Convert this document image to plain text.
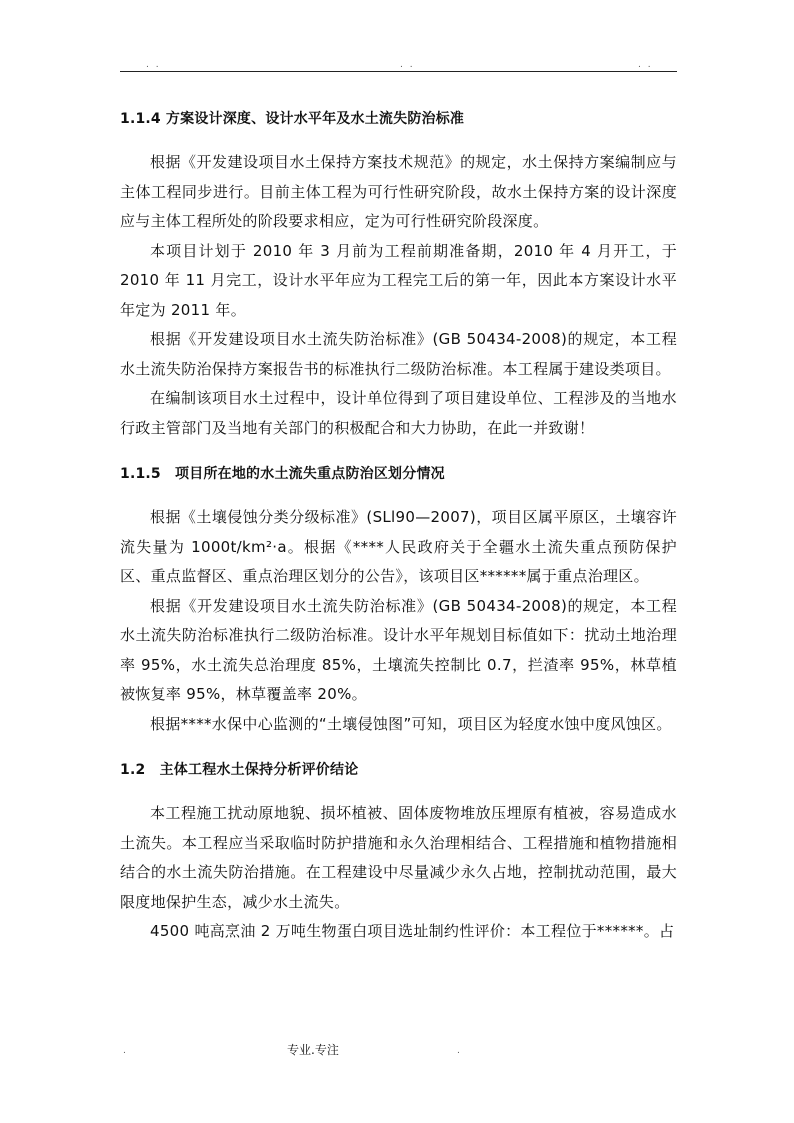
. .	. .	. .
1.1.4 方案设计深度、设计水平年及水土流失防治标准

根据《开发建设项目水土保持方案技术规范》的规定，水土保持方案编制应与主体工程同步进行。目前主体工程为可行性研究阶段，故水土保持方案的设计深度应与主体工程所处的阶段要求相应，定为可行性研究阶段深度。

本项目计划于 2010 年 3 月前为工程前期准备期，2010 年 4 月开工，于 2010 年 11 月完工，设计水平年应为工程完工后的第一年，因此本方案设计水平年定为 2011 年。

根据《开发建设项目水土流失防治标准》(GB 50434-2008)的规定，本工程水土流失防治保持方案报告书的标准执行二级防治标准。本工程属于建设类项目。

在编制该项目水土过程中，设计单位得到了项目建设单位、工程涉及的当地水行政主管部门及当地有关部门的积极配合和大力协助，在此一并致谢！

1.1.5　项目所在地的水土流失重点防治区划分情况

根据《土壤侵蚀分类分级标准》(SLl90—2007)，项目区属平原区，土壤容许流失量为 1000t/km²·a。根据《****人民政府关于全疆水土流失重点预防保护区、重点监督区、重点治理区划分的公告》，该项目区******属于重点治理区。

根据《开发建设项目水土流失防治标准》(GB 50434-2008)的规定，本工程水土流失防治标准执行二级防治标准。设计水平年规划目标值如下：扰动土地治理率 95%，水土流失总治理度 85%，土壤流失控制比 0.7，拦渣率 95%，林草植被恢复率 95%，林草覆盖率 20%。

根据****水保中心监测的“土壤侵蚀图”可知，项目区为轻度水蚀中度风蚀区。

1.2　主体工程水土保持分析评价结论

本工程施工扰动原地貌、损坏植被、固体废物堆放压埋原有植被，容易造成水土流失。本工程应当采取临时防护措施和永久治理相结合、工程措施和植物措施相结合的水土流失防治措施。在工程建设中尽量减少永久占地，控制扰动范围，最大限度地保护生态，减少水土流失。

4500 吨高烹油 2 万吨生物蛋白项目选址制约性评价：本工程位于******。占

.	专业.专注	.
